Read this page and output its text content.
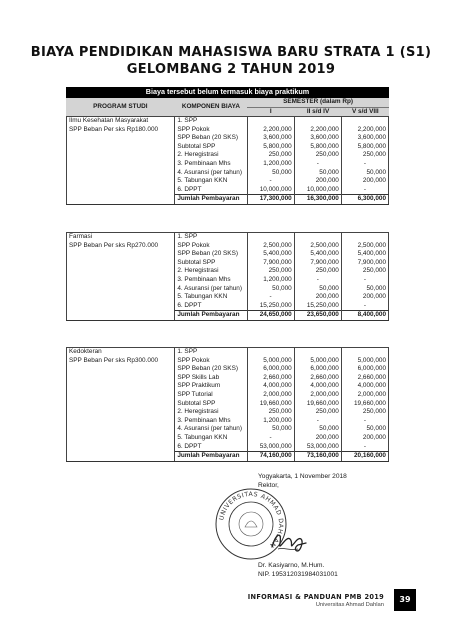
BIAYA PENDIDIKAN MAHASISWA BARU STRATA 1 (S1)
GELOMBANG 2 TAHUN 2019
Biaya tersebut belum termasuk biaya praktikum				
PROGRAM STUDI	KOMPONEN BIAYA	SEMESTER (dalam Rp)		
		I	II s/d IV	V s/d VIII
Ilmu Kesehatan Masyarakat	1. SPP			
SPP Beban Per sks Rp180.000	SPP Pokok	2,200,000	2,200,000	2,200,000
	SPP Beban (20 SKS)	3,600,000	3,600,000	3,600,000
	Subtotal SPP	5,800,000	5,800,000	5,800,000
	2. Heregistrasi	250,000	250,000	250,000
	3. Pembinaan Mhs	1,200,000	-	-
	4. Asuransi (per tahun)	50,000	50,000	50,000
	5. Tabungan KKN	-	200,000	200,000
	6. DPPT	10,000,000	10,000,000	-
	Jumlah Pembayaran	17,300,000	16,300,000	6,300,000
Farmasi	1. SPP			
SPP Beban Per sks Rp270.000	SPP Pokok	2,500,000	2,500,000	2,500,000
	SPP Beban (20 SKS)	5,400,000	5,400,000	5,400,000
	Subtotal SPP	7,900,000	7,900,000	7,900,000
	2. Heregistrasi	250,000	250,000	250,000
	3. Pembinaan Mhs	1,200,000	-	-
	4. Asuransi (per tahun)	50,000	50,000	50,000
	5. Tabungan KKN	-	200,000	200,000
	6. DPPT	15,250,000	15,250,000	-
	Jumlah Pembayaran	24,650,000	23,650,000	8,400,000
Kedokteran	1. SPP			
SPP Beban Per sks Rp300.000	SPP Pokok	5,000,000	5,000,000	5,000,000
	SPP Beban (20 SKS)	6,000,000	6,000,000	6,000,000
	SPP Skills Lab	2,660,000	2,660,000	2,660,000
	SPP Praktikum	4,000,000	4,000,000	4,000,000
	SPP Tutorial	2,000,000	2,000,000	2,000,000
	Subtotal SPP	19,660,000	19,660,000	19,660,000
	2. Heregistrasi	250,000	250,000	250,000
	3. Pembinaan Mhs	1,200,000	-	-
	4. Asuransi (per tahun)	50,000	50,000	50,000
	5. Tabungan KKN	-	200,000	200,000
	6. DPPT	53,000,000	53,000,000	-
	Jumlah Pembayaran	74,160,000	73,160,000	20,160,000
Yogyakarta, 1 November 2018
Rektor,
UNIVERSITAS AHMAD DAHLAN
Dr. Kasiyarno, M.Hum.
NIP. 195312031984031001
INFORMASI & PANDUAN PMB 2019
Universitas Ahmad Dahlan
39
